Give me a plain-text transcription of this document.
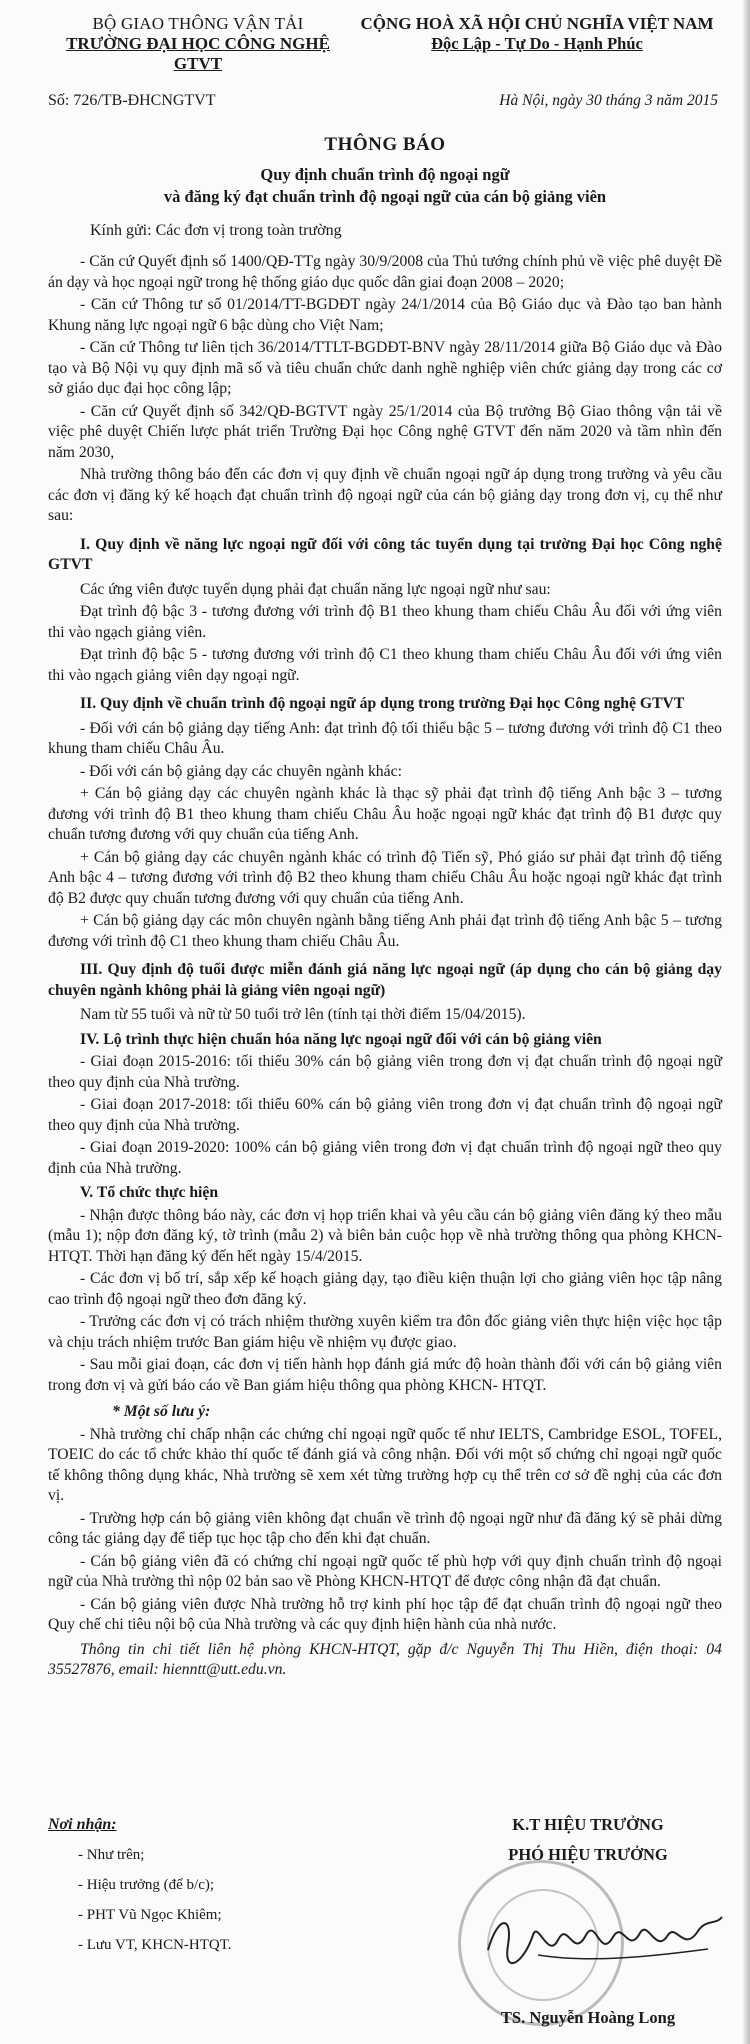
BỘ GIAO THÔNG VẬN TẢI
TRƯỜNG ĐẠI HỌC CÔNG NGHỆ GTVT
CỘNG HOÀ XÃ HỘI CHỦ NGHĨA VIỆT NAM
Độc Lập - Tự Do - Hạnh Phúc
Số: 726/TB-ĐHCNGTVT	Hà Nội, ngày 30 tháng 3 năm 2015
THÔNG BÁO
Quy định chuẩn trình độ ngoại ngữ
và đăng ký đạt chuẩn trình độ ngoại ngữ của cán bộ giảng viên
Kính gửi: Các đơn vị trong toàn trường
- Căn cứ Quyết định số 1400/QĐ-TTg ngày 30/9/2008 của Thủ tướng chính phủ về việc phê duyệt Đề án dạy và học ngoại ngữ trong hệ thống giáo dục quốc dân giai đoạn 2008 – 2020;
- Căn cứ Thông tư số 01/2014/TT-BGDĐT ngày 24/1/2014 của Bộ Giáo dục và Đào tạo ban hành Khung năng lực ngoại ngữ 6 bậc dùng cho Việt Nam;
- Căn cứ Thông tư liên tịch 36/2014/TTLT-BGDĐT-BNV ngày 28/11/2014 giữa Bộ Giáo dục và Đào tạo và Bộ Nội vụ quy định mã số và tiêu chuẩn chức danh nghề nghiệp viên chức giảng dạy trong các cơ sở giáo dục đại học công lập;
- Căn cứ Quyết định số 342/QĐ-BGTVT ngày 25/1/2014 của Bộ trưởng Bộ Giao thông vận tải về việc phê duyệt Chiến lược phát triển Trường Đại học Công nghệ GTVT đến năm 2020 và tầm nhìn đến năm 2030,
Nhà trường thông báo đến các đơn vị quy định về chuẩn ngoại ngữ áp dụng trong trường và yêu cầu các đơn vị đăng ký kế hoạch đạt chuẩn trình độ ngoại ngữ của cán bộ giảng dạy trong đơn vị, cụ thể như sau:
I. Quy định về năng lực ngoại ngữ đối với công tác tuyển dụng tại trường Đại học Công nghệ GTVT
Các ứng viên được tuyển dụng phải đạt chuẩn năng lực ngoại ngữ như sau:
Đạt trình độ bậc 3 - tương đương với trình độ B1 theo khung tham chiếu Châu Âu đối với ứng viên thi vào ngạch giảng viên.
Đạt trình độ bậc 5 - tương đương với trình độ C1 theo khung tham chiếu Châu Âu đối với ứng viên thi vào ngạch giảng viên dạy ngoại ngữ.
II. Quy định về chuẩn trình độ ngoại ngữ áp dụng trong trường Đại học Công nghệ GTVT
- Đối với cán bộ giảng dạy tiếng Anh: đạt trình độ tối thiểu bậc 5 – tương đương với trình độ C1 theo khung tham chiếu Châu Âu.
- Đối với cán bộ giảng dạy các chuyên ngành khác:
+ Cán bộ giảng dạy các chuyên ngành khác là thạc sỹ phải đạt trình độ tiếng Anh bậc 3 – tương đương với trình độ B1 theo khung tham chiếu Châu Âu hoặc ngoại ngữ khác đạt trình độ B1 được quy chuẩn tương đương với quy chuẩn của tiếng Anh.
+ Cán bộ giảng dạy các chuyên ngành khác có trình độ Tiến sỹ, Phó giáo sư phải đạt trình độ tiếng Anh bậc 4 – tương đương với trình độ B2 theo khung tham chiếu Châu Âu hoặc ngoại ngữ khác đạt trình độ B2 được quy chuẩn tương đương với quy chuẩn của tiếng Anh.
+ Cán bộ giảng dạy các môn chuyên ngành bằng tiếng Anh phải đạt trình độ tiếng Anh bậc 5 – tương đương với trình độ C1 theo khung tham chiếu Châu Âu.
III. Quy định độ tuổi được miễn đánh giá năng lực ngoại ngữ (áp dụng cho cán bộ giảng dạy chuyên ngành không phải là giảng viên ngoại ngữ)
Nam từ 55 tuổi và nữ từ 50 tuổi trở lên (tính tại thời điểm 15/04/2015).
IV. Lộ trình thực hiện chuẩn hóa năng lực ngoại ngữ đối với cán bộ giảng viên
- Giai đoạn 2015-2016: tối thiểu 30% cán bộ giảng viên trong đơn vị đạt chuẩn trình độ ngoại ngữ theo quy định của Nhà trường.
- Giai đoạn 2017-2018: tối thiểu 60% cán bộ giảng viên trong đơn vị đạt chuẩn trình độ ngoại ngữ theo quy định của Nhà trường.
- Giai đoạn 2019-2020: 100% cán bộ giảng viên trong đơn vị đạt chuẩn trình độ ngoại ngữ theo quy định của Nhà trường.
V. Tổ chức thực hiện
- Nhận được thông báo này, các đơn vị họp triển khai và yêu cầu cán bộ giảng viên đăng ký theo mẫu (mẫu 1); nộp đơn đăng ký, tờ trình (mẫu 2) và biên bản cuộc họp về nhà trường thông qua phòng KHCN- HTQT. Thời hạn đăng ký đến hết ngày 15/4/2015.
- Các đơn vị bố trí, sắp xếp kế hoạch giảng dạy, tạo điều kiện thuận lợi cho giảng viên học tập nâng cao trình độ ngoại ngữ theo đơn đăng ký.
- Trưởng các đơn vị có trách nhiệm thường xuyên kiểm tra đôn đốc giảng viên thực hiện việc học tập và chịu trách nhiệm trước Ban giám hiệu về nhiệm vụ được giao.
- Sau mỗi giai đoạn, các đơn vị tiến hành họp đánh giá mức độ hoàn thành đối với cán bộ giảng viên trong đơn vị và gửi báo cáo về Ban giám hiệu thông qua phòng KHCN- HTQT.
* Một số lưu ý:
- Nhà trường chỉ chấp nhận các chứng chỉ ngoại ngữ quốc tế như IELTS, Cambridge ESOL, TOFEL, TOEIC do các tổ chức khảo thí quốc tế đánh giá và công nhận. Đối với một số chứng chỉ ngoại ngữ quốc tế không thông dụng khác, Nhà trường sẽ xem xét từng trường hợp cụ thể trên cơ sở đề nghị của các đơn vị.
- Trường hợp cán bộ giảng viên không đạt chuẩn về trình độ ngoại ngữ như đã đăng ký sẽ phải dừng công tác giảng dạy để tiếp tục học tập cho đến khi đạt chuẩn.
- Cán bộ giảng viên đã có chứng chỉ ngoại ngữ quốc tế phù hợp với quy định chuẩn trình độ ngoại ngữ của Nhà trường thì nộp 02 bản sao về Phòng KHCN-HTQT để được công nhận đã đạt chuẩn.
- Cán bộ giảng viên được Nhà trường hỗ trợ kinh phí học tập để đạt chuẩn trình độ ngoại ngữ theo Quy chế chi tiêu nội bộ của Nhà trường và các quy định hiện hành của nhà nước.
Thông tin chi tiết liên hệ phòng KHCN-HTQT, gặp đ/c Nguyễn Thị Thu Hiền, điện thoại: 04 35527876, email: hienntt@utt.edu.vn.
Nơi nhận:
- Như trên;
- Hiệu trưởng (để b/c);
- PHT Vũ Ngọc Khiêm;
- Lưu VT, KHCN-HTQT.
K.T HIỆU TRƯỞNG
PHÓ HIỆU TRƯỞNG
TS. Nguyễn Hoàng Long
